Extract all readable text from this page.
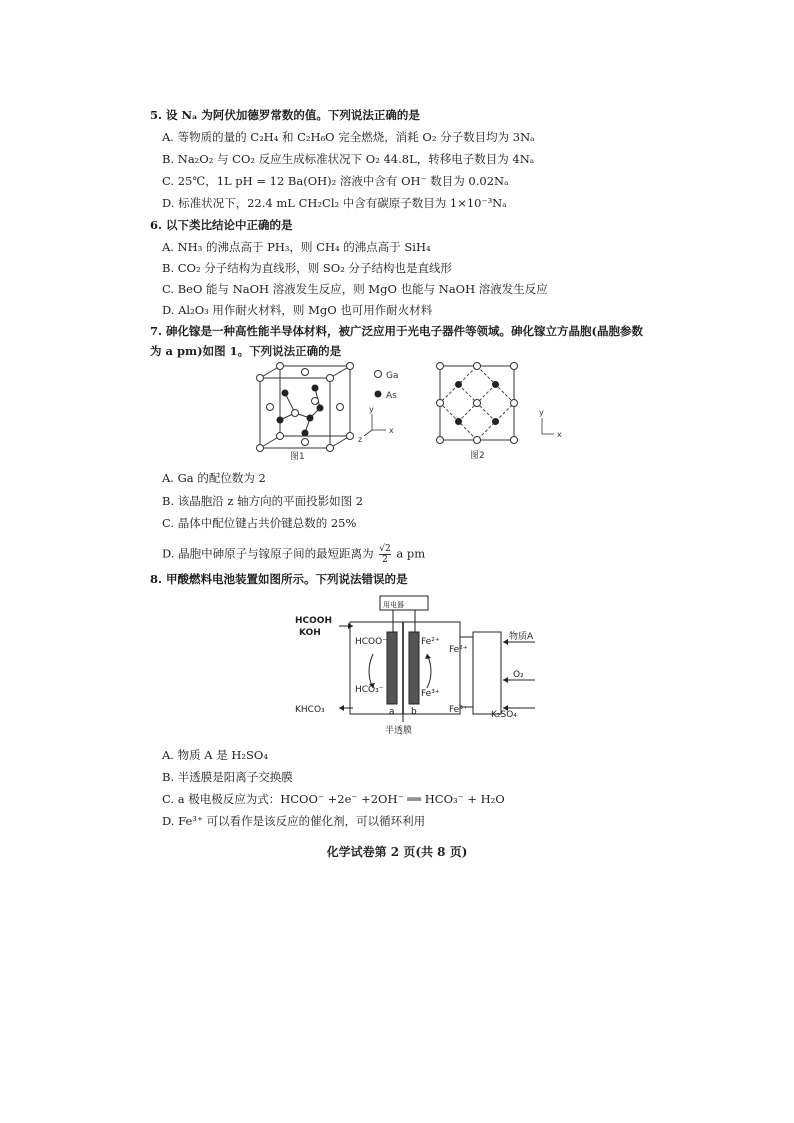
5. 设 Nₐ 为阿伏加德罗常数的值。下列说法正确的是
A. 等物质的量的 C₂H₄ 和 C₂H₆O 完全燃烧，消耗 O₂ 分子数目均为 3Nₐ
B. Na₂O₂ 与 CO₂ 反应生成标准状况下 O₂ 44.8L，转移电子数目为 4Nₐ
C. 25℃，1L pH = 12 Ba(OH)₂ 溶液中含有 OH⁻ 数目为 0.02Nₐ
D. 标准状况下，22.4 mL CH₂Cl₂ 中含有碳原子数目为 1×10⁻³Nₐ
6. 以下类比结论中正确的是
A. NH₃ 的沸点高于 PH₃，则 CH₄ 的沸点高于 SiH₄
B. CO₂ 分子结构为直线形，则 SO₂ 分子结构也是直线形
C. BeO 能与 NaOH 溶液发生反应，则 MgO 也能与 NaOH 溶液发生反应
D. Al₂O₃ 用作耐火材料，则 MgO 也可用作耐火材料
7. 砷化镓是一种高性能半导体材料，被广泛应用于光电子器件等领域。砷化镓立方晶胞(晶胞参数
为 a pm)如图 1。下列说法正确的是
Ga
As
y
x
z
图1
y
x
图2
A. Ga 的配位数为 2
B. 该晶胞沿 z 轴方向的平面投影如图 2
C. 晶体中配位键占共价键总数的 25%
D. 晶胞中砷原子与镓原子间的最短距离为 $\frac{√2}{2}$ a pm
8. 甲酸燃料电池装置如图所示。下列说法错误的是
用电器
HCOOH
KOH
HCOO⁻
HCO₃⁻
Fe²⁺
Fe³⁺
Fe²⁺
Fe³⁺
物质A
O₂
KHCO₃	K₂SO₄
a b
半透膜
A. 物质 A 是 H₂SO₄
B. 半透膜是阳离子交换膜
C. a 极电极反应为式：HCOO⁻ +2e⁻ +2OH⁻ ══ HCO₃⁻ + H₂O
D. Fe³⁺ 可以看作是该反应的催化剂，可以循环利用
化学试卷第 2 页(共 8 页)
